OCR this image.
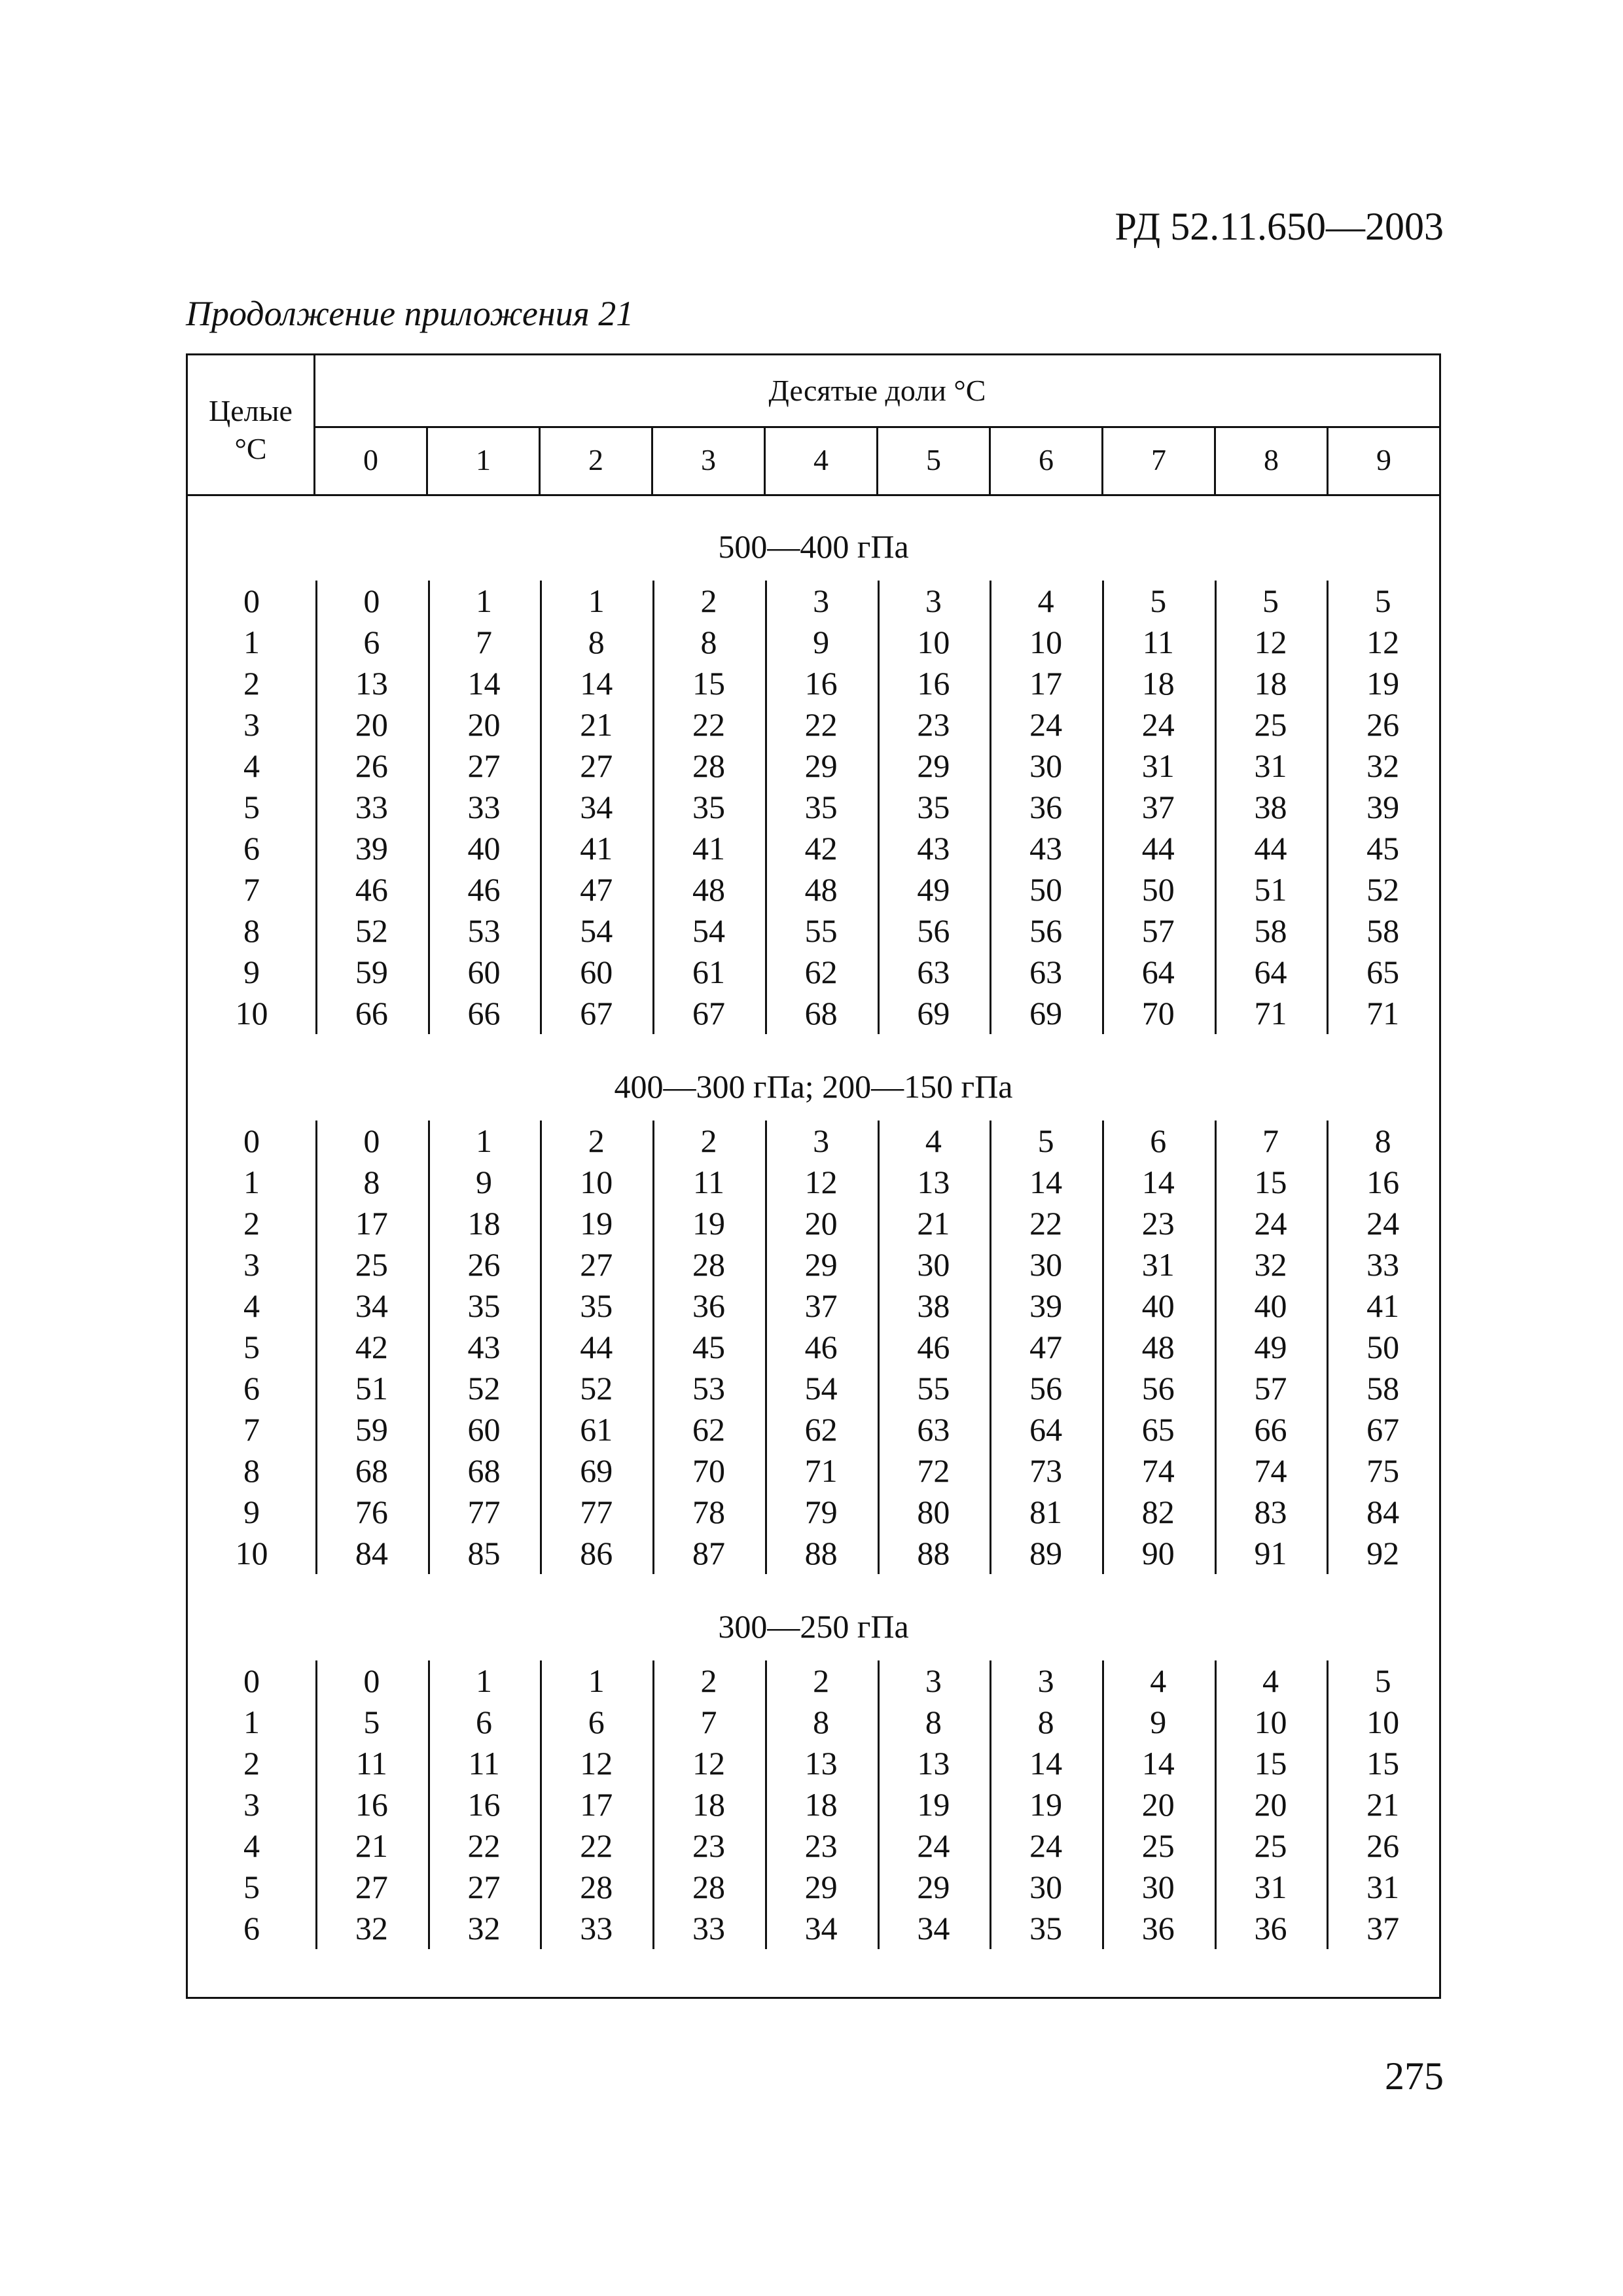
РД 52.11.650—2003
Продолжение приложения 21
Целые
°С
Десятые доли °С
0	1	2	3	4	5	6	7	8	9
500—400 гПа
0	0	1	1	2	3	3	4	5	5	5
1	6	7	8	8	9	10	10	11	12	12
2	13	14	14	15	16	16	17	18	18	19
3	20	20	21	22	22	23	24	24	25	26
4	26	27	27	28	29	29	30	31	31	32
5	33	33	34	35	35	35	36	37	38	39
6	39	40	41	41	42	43	43	44	44	45
7	46	46	47	48	48	49	50	50	51	52
8	52	53	54	54	55	56	56	57	58	58
9	59	60	60	61	62	63	63	64	64	65
10	66	66	67	67	68	69	69	70	71	71
400—300 гПа; 200—150 гПа
0	0	1	2	2	3	4	5	6	7	8
1	8	9	10	11	12	13	14	14	15	16
2	17	18	19	19	20	21	22	23	24	24
3	25	26	27	28	29	30	30	31	32	33
4	34	35	35	36	37	38	39	40	40	41
5	42	43	44	45	46	46	47	48	49	50
6	51	52	52	53	54	55	56	56	57	58
7	59	60	61	62	62	63	64	65	66	67
8	68	68	69	70	71	72	73	74	74	75
9	76	77	77	78	79	80	81	82	83	84
10	84	85	86	87	88	88	89	90	91	92
300—250 гПа
0	0	1	1	2	2	3	3	4	4	5
1	5	6	6	7	8	8	8	9	10	10
2	11	11	12	12	13	13	14	14	15	15
3	16	16	17	18	18	19	19	20	20	21
4	21	22	22	23	23	24	24	25	25	26
5	27	27	28	28	29	29	30	30	31	31
6	32	32	33	33	34	34	35	36	36	37
275
